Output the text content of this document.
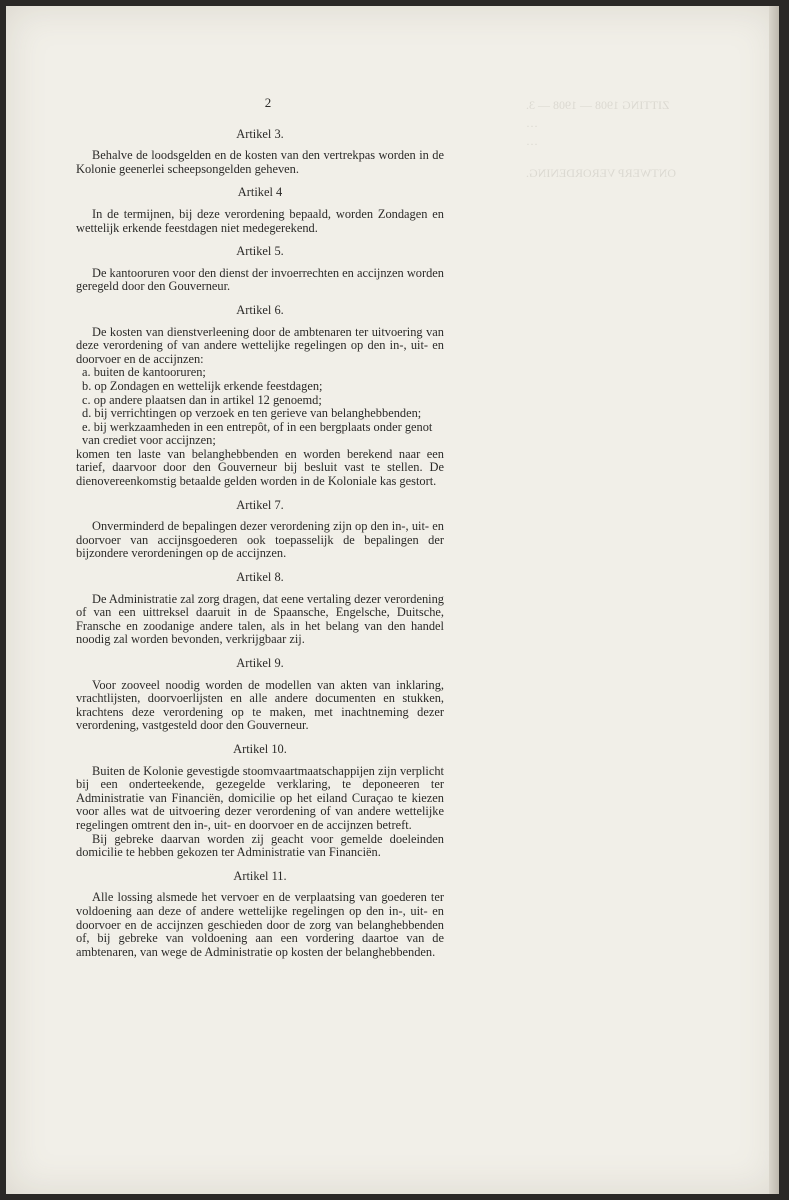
ZITTING 1908 — 1908 — 3.
…
…
ONTWERP VERORDENING.
2
Artikel 3.

Behalve de loodsgelden en de kosten van den vertrekpas worden in de Kolonie geenerlei scheepsongelden geheven.

Artikel 4

In de termijnen, bij deze verordening bepaald, worden Zondagen en wettelijk erkende feestdagen niet medegerekend.

Artikel 5.

De kantooruren voor den dienst der invoerrechten en accijnzen worden geregeld door den Gouverneur.

Artikel 6.

De kosten van dienstverleening door de ambtenaren ter uitvoering van deze verordening of van andere wettelijke regelingen op den in-, uit- en doorvoer en de accijnzen:

a. buiten de kantooruren;

b. op Zondagen en wettelijk erkende feestdagen;

c. op andere plaatsen dan in artikel 12 genoemd;

d. bij verrichtingen op verzoek en ten gerieve van belanghebbenden;

e. bij werkzaamheden in een entrepôt, of in een bergplaats onder genot van crediet voor accijnzen;

komen ten laste van belanghebbenden en worden berekend naar een tarief, daarvoor door den Gouverneur bij besluit vast te stellen. De dienovereenkomstig betaalde gelden worden in de Koloniale kas gestort.

Artikel 7.

Onverminderd de bepalingen dezer verordening zijn op den in-, uit- en doorvoer van accijnsgoederen ook toepasselijk de bepalingen der bijzondere verordeningen op de accijnzen.

Artikel 8.

De Administratie zal zorg dragen, dat eene vertaling dezer verordening of van een uittreksel daaruit in de Spaansche, Engelsche, Duitsche, Fransche en zoodanige andere talen, als in het belang van den handel noodig zal worden bevonden, verkrijgbaar zij.

Artikel 9.

Voor zooveel noodig worden de modellen van akten van inklaring, vrachtlijsten, doorvoerlijsten en alle andere documenten en stukken, krachtens deze verordening op te maken, met inachtneming dezer verordening, vastgesteld door den Gouverneur.

Artikel 10.

Buiten de Kolonie gevestigde stoomvaartmaatschappijen zijn verplicht bij een onderteekende, gezegelde verklaring, te deponeeren ter Administratie van Financiën, domicilie op het eiland Curaçao te kiezen voor alles wat de uitvoering dezer verordening of van andere wettelijke regelingen omtrent den in-, uit- en doorvoer en de accijnzen betreft.

Bij gebreke daarvan worden zij geacht voor gemelde doeleinden domicilie te hebben gekozen ter Administratie van Financiën.

Artikel 11.

Alle lossing alsmede het vervoer en de verplaatsing van goederen ter voldoening aan deze of andere wettelijke regelingen op den in-, uit- en doorvoer en de accijnzen geschieden door de zorg van belanghebbenden of, bij gebreke van voldoening aan een vordering daartoe van de ambtenaren, van wege de Administratie op kosten der belanghebbenden.
